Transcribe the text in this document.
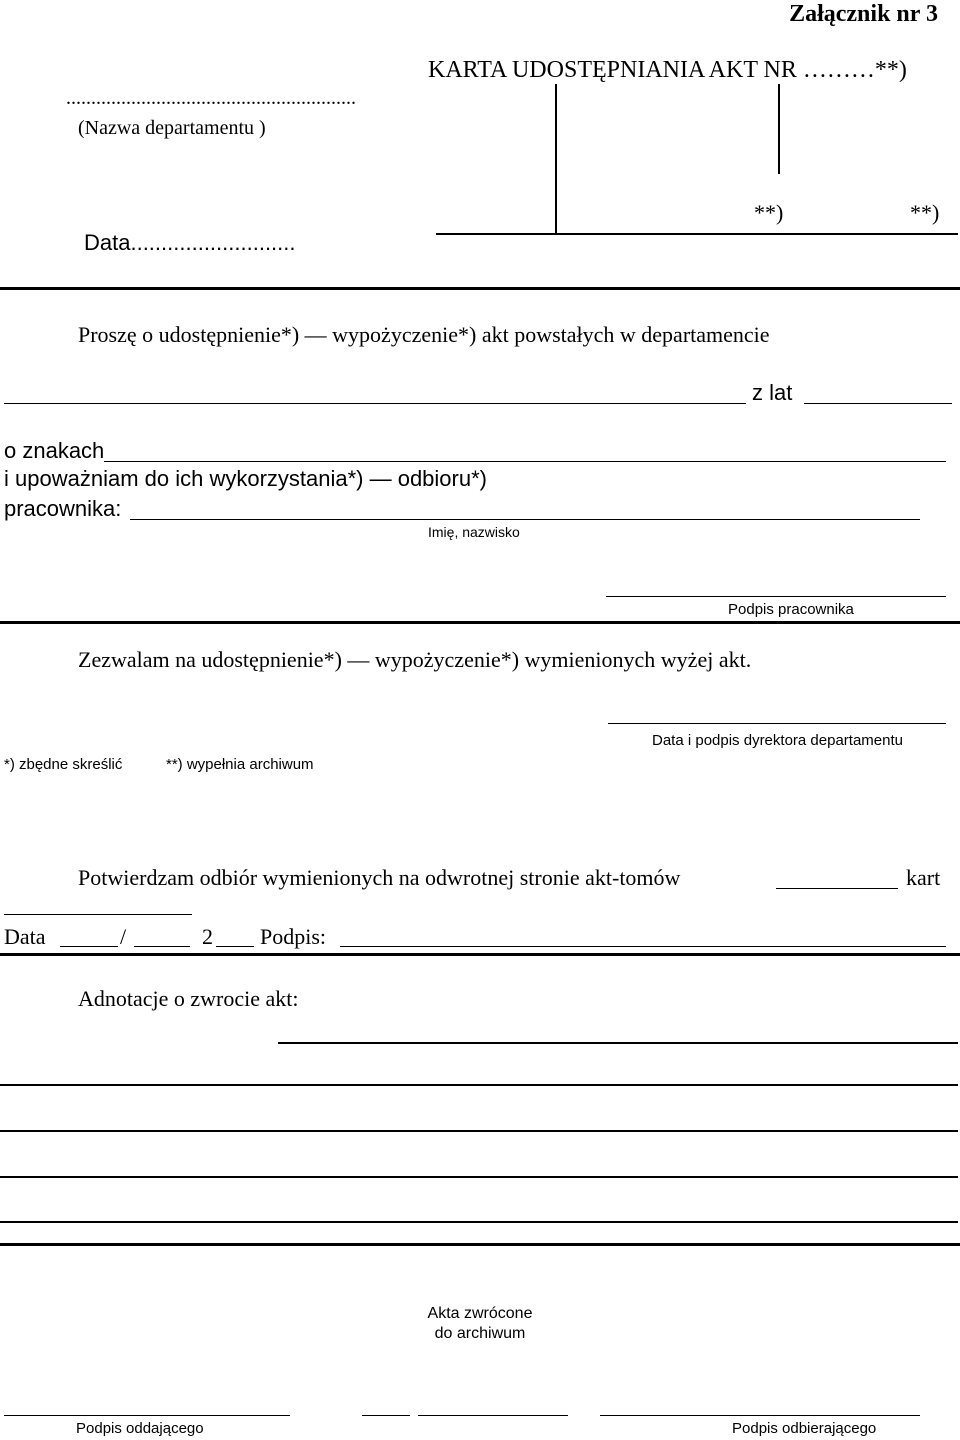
Załącznik nr 3
KARTA UDOSTĘPNIANIA AKT NR ………**)
..........................................................
(Nazwa departamentu )
Data...........................
**)	**)
Proszę o udostępnienie*) — wypożyczenie*) akt powstałych w departamencie
z lat
o znakach
i upoważniam do ich wykorzystania*) — odbioru*)
pracownika:
Imię, nazwisko
Podpis pracownika
Zezwalam na udostępnienie*) — wypożyczenie*) wymienionych wyżej akt.
Data i podpis dyrektora departamentu
*) zbędne skreślić	**) wypełnia archiwum
Potwierdzam odbiór wymienionych na odwrotnej stronie akt-tomów	kart
Data	/	2 Podpis:
Adnotacje o zwrocie akt:
Akta zwrócone
do archiwum
Podpis oddającego	Podpis odbierającego
